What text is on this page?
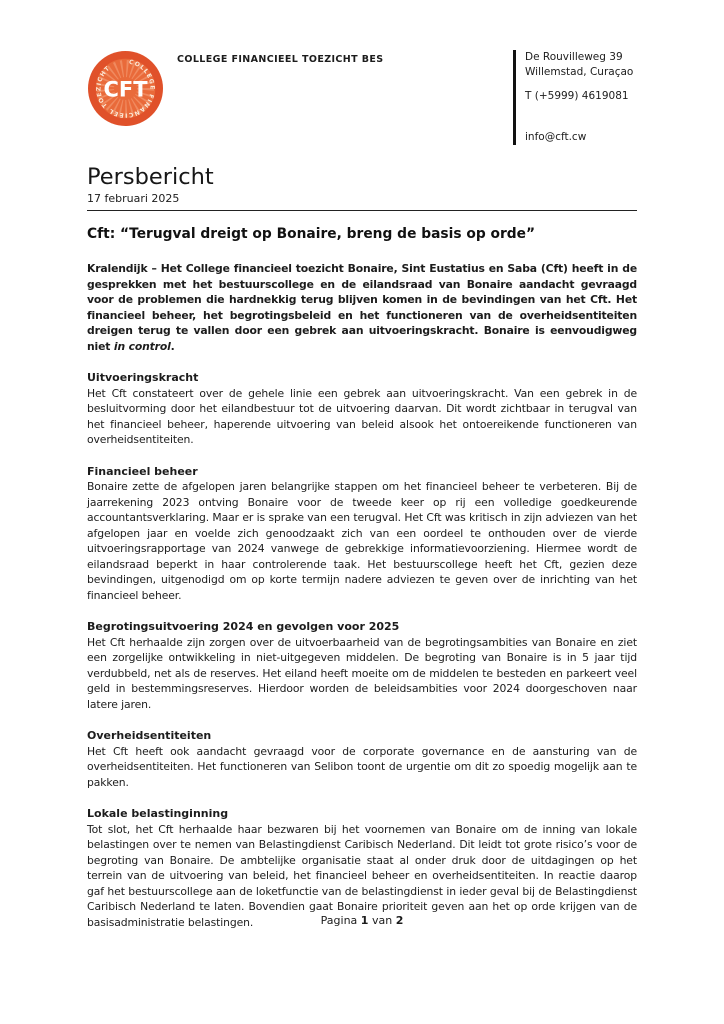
COLLEGE FINANCIEEL TOEZICHT
CFT
COLLEGE FINANCIEEL TOEZICHT BES	De Rouvilleweg 39
Willemstad, Curaçao
T (+5999) 4619081
info@cft.cw
Persbericht
17 februari 2025
Cft: “Terugval dreigt op Bonaire, breng de basis op orde”

Kralendijk – Het College financieel toezicht Bonaire, Sint Eustatius en Saba (Cft) heeft in de gesprekken met het bestuurscollege en de eilandsraad van Bonaire aandacht gevraagd voor de problemen die hardnekkig terug blijven komen in de bevindingen van het Cft. Het financieel beheer, het begrotingsbeleid en het functioneren van de overheidsentiteiten dreigen terug te vallen door een gebrek aan uitvoeringskracht. Bonaire is eenvoudigweg niet in control.

Uitvoeringskracht

Het Cft constateert over de gehele linie een gebrek aan uitvoeringskracht. Van een gebrek in de besluitvorming door het eilandbestuur tot de uitvoering daarvan. Dit wordt zichtbaar in terugval van het financieel beheer, haperende uitvoering van beleid alsook het ontoereikende functioneren van overheidsentiteiten.

Financieel beheer

Bonaire zette de afgelopen jaren belangrijke stappen om het financieel beheer te verbeteren. Bij de jaarrekening 2023 ontving Bonaire voor de tweede keer op rij een volledige goedkeurende accountantsverklaring. Maar er is sprake van een terugval. Het Cft was kritisch in zijn adviezen van het afgelopen jaar en voelde zich genoodzaakt zich van een oordeel te onthouden over de vierde uitvoeringsrapportage van 2024 vanwege de gebrekkige informatievoorziening. Hiermee wordt de eilandsraad beperkt in haar controlerende taak. Het bestuurscollege heeft het Cft, gezien deze bevindingen, uitgenodigd om op korte termijn nadere adviezen te geven over de inrichting van het financieel beheer.

Begrotingsuitvoering 2024 en gevolgen voor 2025

Het Cft herhaalde zijn zorgen over de uitvoerbaarheid van de begrotingsambities van Bonaire en ziet een zorgelijke ontwikkeling in niet-uitgegeven middelen. De begroting van Bonaire is in 5 jaar tijd verdubbeld, net als de reserves. Het eiland heeft moeite om de middelen te besteden en parkeert veel geld in bestemmingsreserves. Hierdoor worden de beleidsambities voor 2024 doorgeschoven naar latere jaren.

Overheidsentiteiten

Het Cft heeft ook aandacht gevraagd voor de corporate governance en de aansturing van de overheidsentiteiten. Het functioneren van Selibon toont de urgentie om dit zo spoedig mogelijk aan te pakken.

Lokale belastinginning

Tot slot, het Cft herhaalde haar bezwaren bij het voornemen van Bonaire om de inning van lokale belastingen over te nemen van Belastingdienst Caribisch Nederland. Dit leidt tot grote risico’s voor de begroting van Bonaire. De ambtelijke organisatie staat al onder druk door de uitdagingen op het terrein van de uitvoering van beleid, het financieel beheer en overheidsentiteiten. In reactie daarop gaf het bestuurscollege aan de loketfunctie van de belastingdienst in ieder geval bij de Belastingdienst Caribisch Nederland te laten. Bovendien gaat Bonaire prioriteit geven aan het op orde krijgen van de basisadministratie belastingen.	Pagina 1 van 2
